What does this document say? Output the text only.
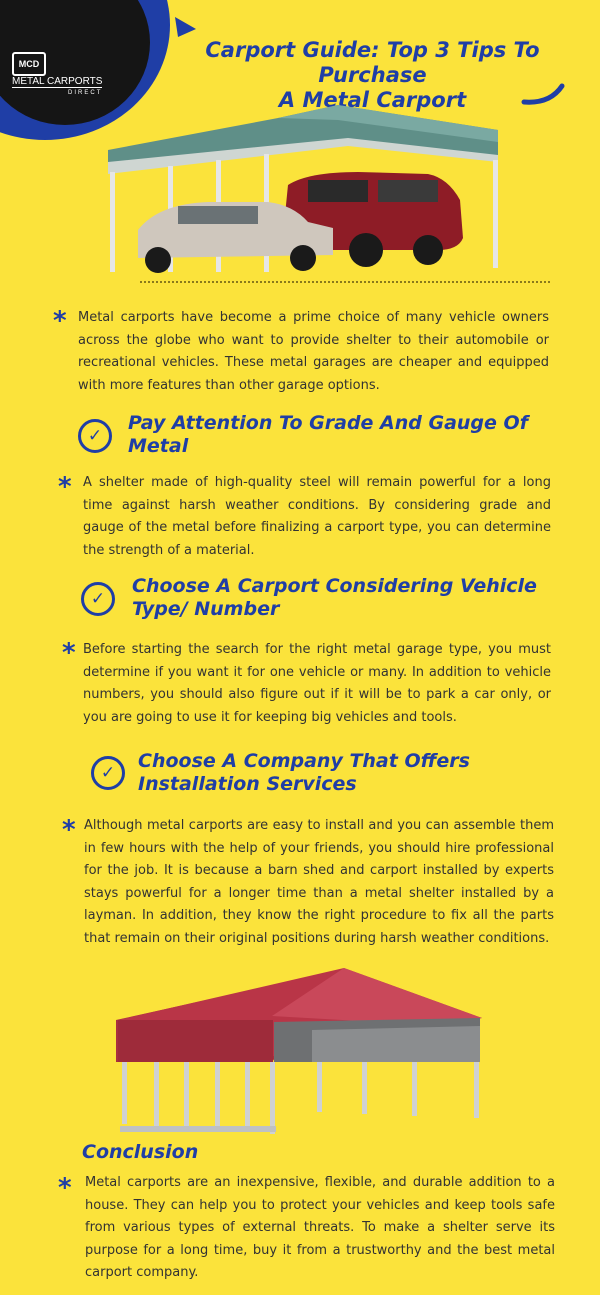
MCDMETAL CARPORTS
DIRECT
Carport Guide: Top 3 Tips To Purchase
A Metal Carport
* Metal carports have become a prime choice of many vehicle owners across the globe who want to provide shelter to their automobile or recreational vehicles. These metal garages are cheaper and equipped with more features than other garage options.
✓
Pay Attention To Grade And Gauge Of
Metal
* A shelter made of high-quality steel will remain powerful for a long time against harsh weather conditions. By considering grade and gauge of the metal before finalizing a carport type, you can determine the strength of a material.
✓
Choose A Carport Considering Vehicle
Type/ Number
* Before starting the search for the right metal garage type, you must determine if you want it for one vehicle or many. In addition to vehicle numbers, you should also figure out if it will be to park a car only, or you are going to use it for keeping big vehicles and tools.
✓
Choose A Company That Offers
Installation Services
* Although metal carports are easy to install and you can assemble them in few hours with the help of your friends, you should hire professional for the job. It is because a barn shed and carport installed by experts stays powerful for a longer time than a metal shelter installed by a layman. In addition, they know the right procedure to fix all the parts that remain on their original positions during harsh weather conditions.
Conclusion
* Metal carports are an inexpensive, flexible, and durable addition to a house. They can help you to protect your vehicles and keep tools safe from various types of external threats. To make a shelter serve its purpose for a long time, buy it from a trustworthy and the best metal carport company.
